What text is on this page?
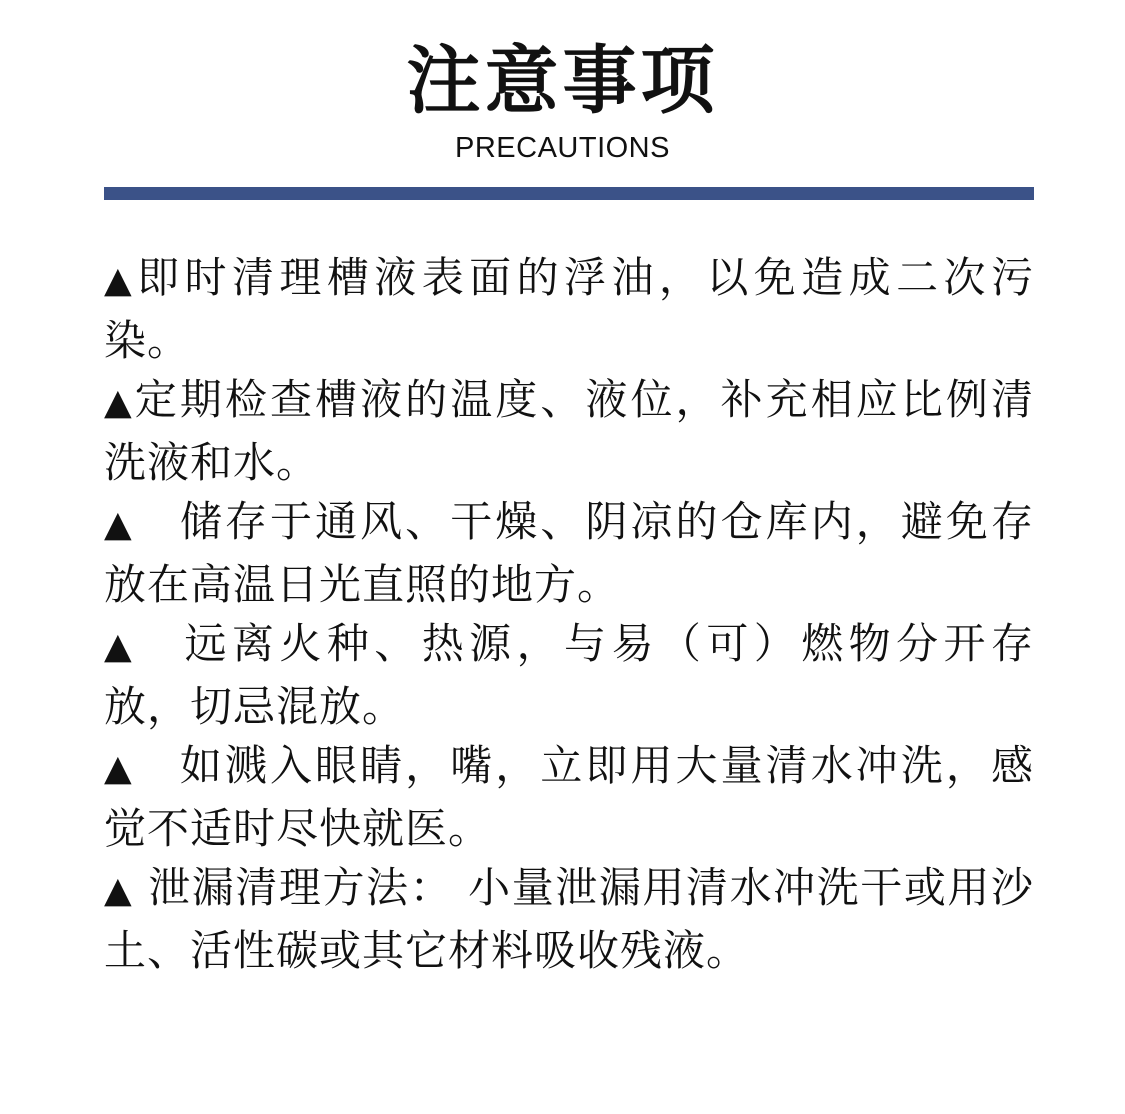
注意事项
PRECAUTIONS
▲即时清理槽液表面的浮油，以免造成二次污染。
▲定期检查槽液的温度、液位，补充相应比例清洗液和水。
▲　储存于通风、干燥、阴凉的仓库内，避免存放在高温日光直照的地方。
▲　远离火种、热源，与易（可）燃物分开存放，切忌混放。
▲　如溅入眼睛，嘴，立即用大量清水冲洗，感觉不适时尽快就医。
▲ 泄漏清理方法： 小量泄漏用清水冲洗干或用沙土、活性碳或其它材料吸收残液。
